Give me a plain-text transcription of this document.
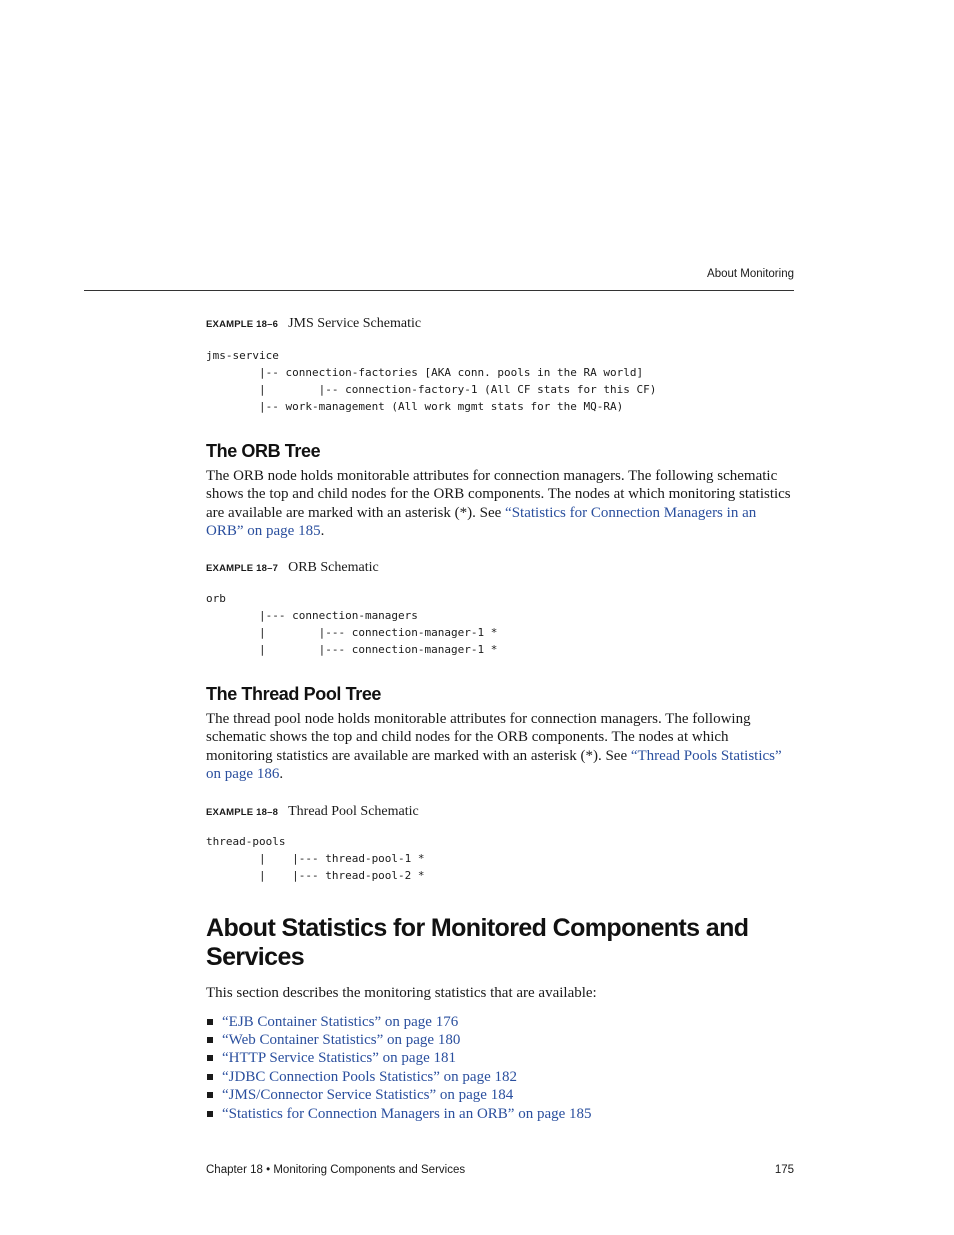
About Monitoring
EXAMPLE 18–6 JMS Service Schematic
jms-service
|-- connection-factories [AKA conn. pools in the RA world]
|        |-- connection-factory-1 (All CF stats for this CF)
|-- work-management (All work mgmt stats for the MQ-RA)
The ORB Tree

The ORB node holds monitorable attributes for connection managers. The following schematic shows the top and child nodes for the ORB components. The nodes at which monitoring statistics are available are marked with an asterisk (*). See “Statistics for Connection Managers in an ORB” on page 185.

EXAMPLE 18–7 ORB Schematic
orb
|--- connection-managers
|        |--- connection-manager-1 *
|        |--- connection-manager-1 *
The Thread Pool Tree

The thread pool node holds monitorable attributes for connection managers. The following schematic shows the top and child nodes for the ORB components. The nodes at which monitoring statistics are available are marked with an asterisk (*). See “Thread Pools Statistics” on page 186.

EXAMPLE 18–8 Thread Pool Schematic
thread-pools
|    |--- thread-pool-1 *
|    |--- thread-pool-2 *
About Statistics for Monitored Components and Services

This section describes the monitoring statistics that are available:

“EJB Container Statistics” on page 176
“Web Container Statistics” on page 180
“HTTP Service Statistics” on page 181
“JDBC Connection Pools Statistics” on page 182
“JMS/Connector Service Statistics” on page 184
“Statistics for Connection Managers in an ORB” on page 185
Chapter 18 • Monitoring Components and Services	175
